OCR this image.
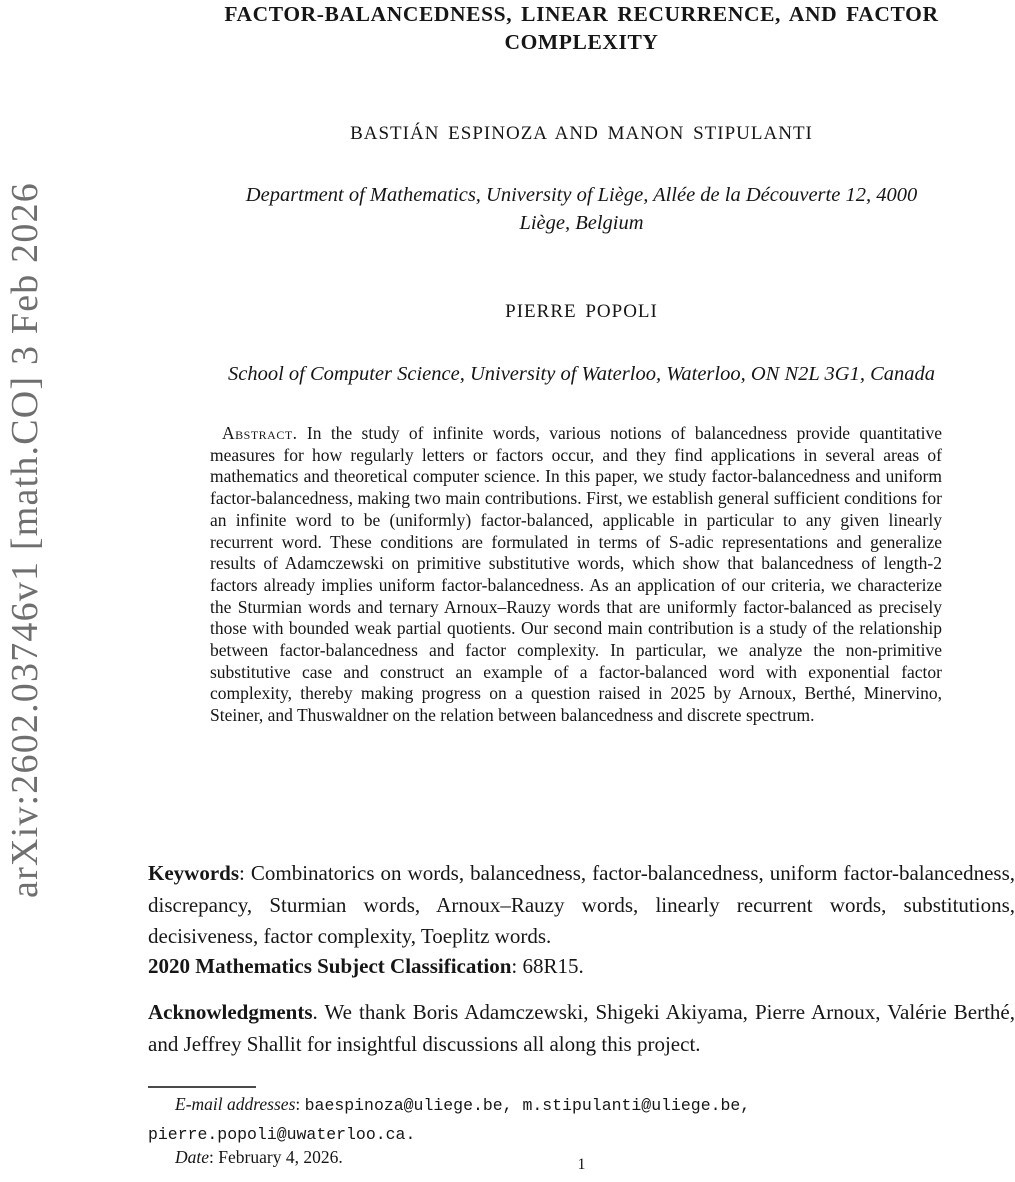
arXiv:2602.03746v1 [math.CO] 3 Feb 2026
FACTOR-BALANCEDNESS, LINEAR RECURRENCE, AND FACTOR
COMPLEXITY
BASTIÁN ESPINOZA AND MANON STIPULANTI
Department of Mathematics, University of Liège, Allée de la Découverte 12, 4000
Liège, Belgium
PIERRE POPOLI
School of Computer Science, University of Waterloo, Waterloo, ON N2L 3G1, Canada
Abstract. In the study of infinite words, various notions of balancedness provide quantitative measures for how regularly letters or factors occur, and they find applications in several areas of mathematics and theoretical computer science. In this paper, we study factor-balancedness and uniform factor-balancedness, making two main contributions. First, we establish general sufficient conditions for an infinite word to be (uniformly) factor-balanced, applicable in particular to any given linearly recurrent word. These conditions are formulated in terms of S-adic representations and generalize results of Adamczewski on primitive substitutive words, which show that balancedness of length-2 factors already implies uniform factor-balancedness. As an application of our criteria, we characterize the Sturmian words and ternary Arnoux–Rauzy words that are uniformly factor-balanced as precisely those with bounded weak partial quotients. Our second main contribution is a study of the relationship between factor-balancedness and factor complexity. In particular, we analyze the non-primitive substitutive case and construct an example of a factor-balanced word with exponential factor complexity, thereby making progress on a question raised in 2025 by Arnoux, Berthé, Minervino, Steiner, and Thuswaldner on the relation between balancedness and discrete spectrum.

Keywords: Combinatorics on words, balancedness, factor-balancedness, uniform factor-balancedness, discrepancy, Sturmian words, Arnoux–Rauzy words, linearly recurrent words, substitutions, decisiveness, factor complexity, Toeplitz words.

2020 Mathematics Subject Classification: 68R15.

Acknowledgments. We thank Boris Adamczewski, Shigeki Akiyama, Pierre Arnoux, Valérie Berthé, and Jeffrey Shallit for insightful discussions all along this project.

E-mail addresses: baespinoza@uliege.be, m.stipulanti@uliege.be,
pierre.popoli@uwaterloo.ca.
Date: February 4, 2026.	1
